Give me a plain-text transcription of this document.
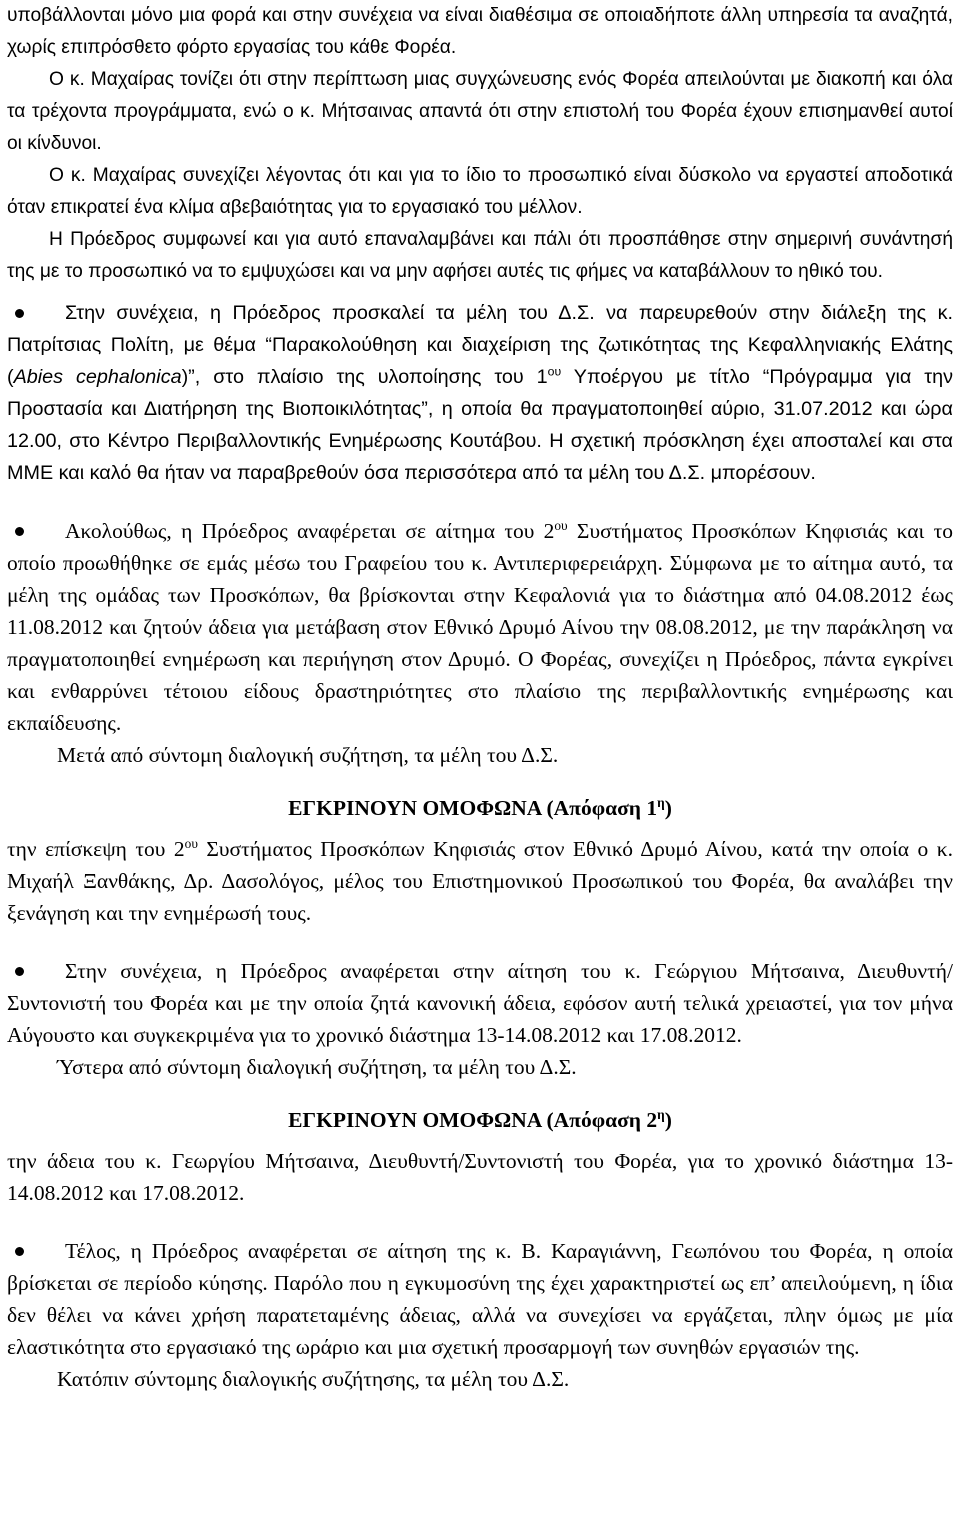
υποβάλλονται μόνο μια φορά και στην συνέχεια να είναι διαθέσιμα σε οποιαδήποτε άλλη υπηρεσία τα αναζητά, χωρίς επιπρόσθετο φόρτο εργασίας του κάθε Φορέα.

Ο κ. Μαχαίρας τονίζει ότι στην περίπτωση μιας συγχώνευσης ενός Φορέα απειλούνται με διακοπή και όλα τα τρέχοντα προγράμματα, ενώ ο κ. Μήτσαινας απαντά ότι στην επιστολή του Φορέα έχουν επισημανθεί αυτοί οι κίνδυνοι.

Ο κ. Μαχαίρας συνεχίζει λέγοντας ότι και για το ίδιο το προσωπικό είναι δύσκολο να εργαστεί αποδοτικά όταν επικρατεί ένα κλίμα αβεβαιότητας για το εργασιακό του μέλλον.

Η Πρόεδρος συμφωνεί και για αυτό επαναλαμβάνει και πάλι ότι προσπάθησε στην σημερινή συνάντησή της με το προσωπικό να το εμψυχώσει και να μην αφήσει αυτές τις φήμες να καταβάλλουν το ηθικό του.

Στην συνέχεια, η Πρόεδρος προσκαλεί τα μέλη του Δ.Σ. να παρευρεθούν στην διάλεξη της κ. Πατρίτσιας Πολίτη, με θέμα “Παρακολούθηση και διαχείριση της ζωτικότητας της Κεφαλληνιακής Ελάτης (Abies cephalonica)”, στο πλαίσιο της υλοποίησης του $1^{o\upsilon}$ Υποέργου με τίτλο “Πρόγραμμα για την Προστασία και Διατήρηση της Βιοποικιλότητας”, η οποία θα πραγματοποιηθεί αύριο, 31.07.2012 και ώρα 12.00, στο Κέντρο Περιβαλλοντικής Ενημέρωσης Κουτάβου. Η σχετική πρόσκληση έχει αποσταλεί και στα ΜΜΕ και καλό θα ήταν να παραβρεθούν όσα περισσότερα από τα μέλη του Δ.Σ. μπορέσουν.

Ακολούθως, η Πρόεδρος αναφέρεται σε αίτημα του $2^{o\upsilon}$ Συστήματος Προσκόπων Κηφισιάς και το οποίο προωθήθηκε σε εμάς μέσω του Γραφείου του κ. Αντιπεριφερειάρχη. Σύμφωνα με το αίτημα αυτό, τα μέλη της ομάδας των Προσκόπων, θα βρίσκονται στην Κεφαλονιά για το διάστημα από 04.08.2012 έως 11.08.2012 και ζητούν άδεια για μετάβαση στον Εθνικό Δρυμό Αίνου την 08.08.2012, με την παράκληση να πραγματοποιηθεί ενημέρωση και περιήγηση στον Δρυμό. Ο Φορέας, συνεχίζει η Πρόεδρος, πάντα εγκρίνει και ενθαρρύνει τέτοιου είδους δραστηριότητες στο πλαίσιο της περιβαλλοντικής ενημέρωσης και εκπαίδευσης.

Μετά από σύντομη διαλογική συζήτηση, τα μέλη του Δ.Σ.

ΕΓΚΡΙΝΟΥΝ ΟΜΟΦΩΝΑ (Απόφαση $1^\eta$)

την επίσκεψη του $2^{o\upsilon}$ Συστήματος Προσκόπων Κηφισιάς στον Εθνικό Δρυμό Αίνου, κατά την οποία ο κ. Μιχαήλ Ξανθάκης, Δρ. Δασολόγος, μέλος του Επιστημονικού Προσωπικού του Φορέα, θα αναλάβει την ξενάγηση και την ενημέρωσή τους.

Στην συνέχεια, η Πρόεδρος αναφέρεται στην αίτηση του κ. Γεώργιου Μήτσαινα, Διευθυντή/Συντονιστή του Φορέα και με την οποία ζητά κανονική άδεια, εφόσον αυτή τελικά χρειαστεί, για τον μήνα Αύγουστο και συγκεκριμένα για το χρονικό διάστημα 13-14.08.2012 και 17.08.2012.

Ύστερα από σύντομη διαλογική συζήτηση, τα μέλη του Δ.Σ.

ΕΓΚΡΙΝΟΥΝ ΟΜΟΦΩΝΑ (Απόφαση $2^\eta$)

την άδεια του κ. Γεωργίου Μήτσαινα, Διευθυντή/Συντονιστή του Φορέα, για το χρονικό διάστημα 13-14.08.2012 και 17.08.2012.

Τέλος, η Πρόεδρος αναφέρεται σε αίτηση της κ. Β. Καραγιάννη, Γεωπόνου του Φορέα, η οποία βρίσκεται σε περίοδο κύησης. Παρόλο που η εγκυμοσύνη της έχει χαρακτηριστεί ως επ’ απειλούμενη, η ίδια δεν θέλει να κάνει χρήση παρατεταμένης άδειας, αλλά να συνεχίσει να εργάζεται, πλην όμως με μία ελαστικότητα στο εργασιακό της ωράριο και μια σχετική προσαρμογή των συνηθών εργασιών της.

Κατόπιν σύντομης διαλογικής συζήτησης, τα μέλη του Δ.Σ.
